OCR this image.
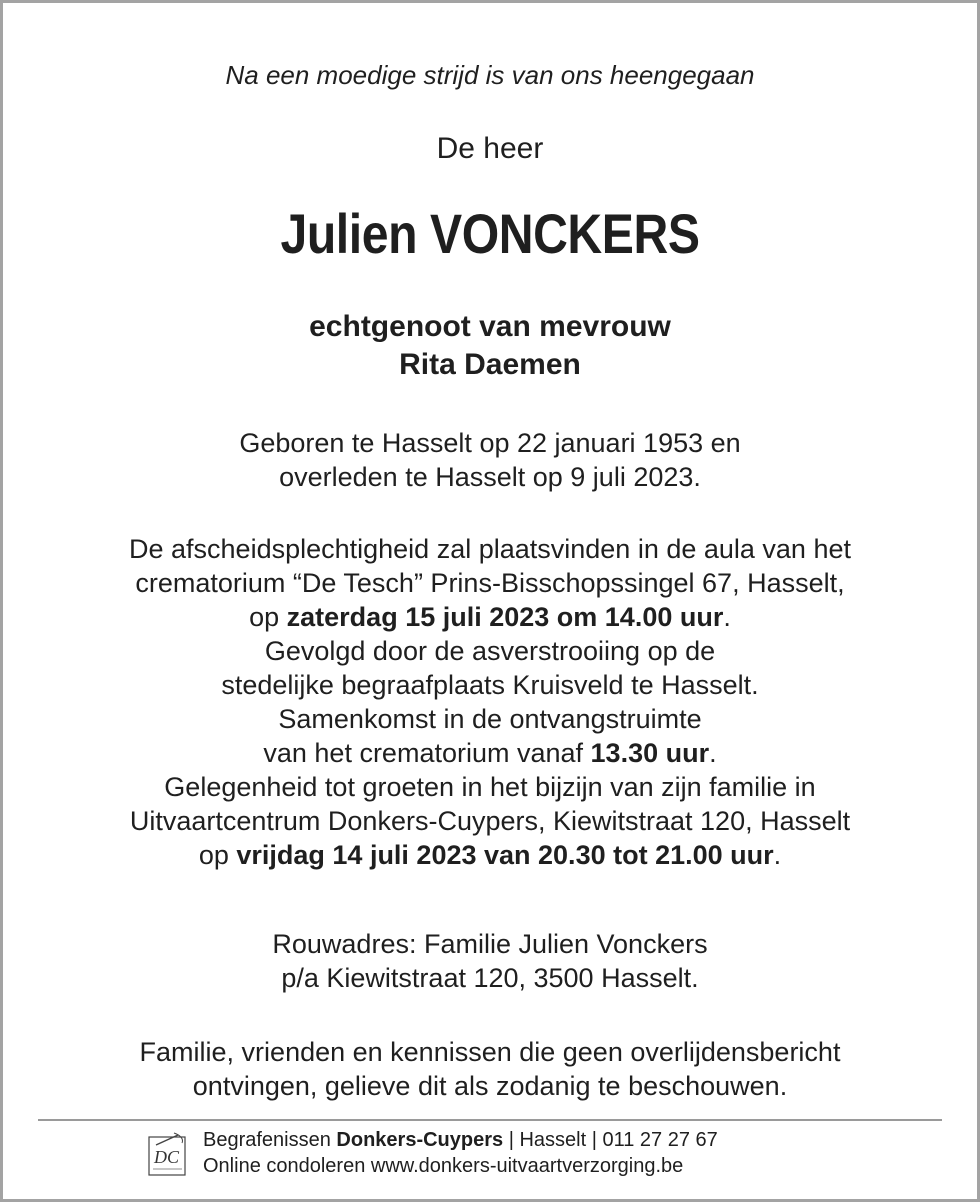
Na een moedige strijd is van ons heengegaan
De heer
Julien VONCKERS
echtgenoot van mevrouw
Rita Daemen
Geboren te Hasselt op 22 januari 1953 en
overleden te Hasselt op 9 juli 2023.
De afscheidsplechtigheid zal plaatsvinden in de aula van het
crematorium “De Tesch” Prins-Bisschopssingel 67, Hasselt,
op zaterdag 15 juli 2023 om 14.00 uur.
Gevolgd door de asverstrooiing op de
stedelijke begraafplaats Kruisveld te Hasselt.
Samenkomst in de ontvangstruimte
van het crematorium vanaf 13.30 uur.
Gelegenheid tot groeten in het bijzijn van zijn familie in
Uitvaartcentrum Donkers-Cuypers, Kiewitstraat 120, Hasselt
op vrijdag 14 juli 2023 van 20.30 tot 21.00 uur.
Rouwadres: Familie Julien Vonckers
p/a Kiewitstraat 120, 3500 Hasselt.
Familie, vrienden en kennissen die geen overlijdensbericht
ontvingen, gelieve dit als zodanig te beschouwen.
DC
Begrafenissen Donkers-Cuypers | Hasselt | 011 27 27 67
Online condoleren www.donkers-uitvaartverzorging.be
